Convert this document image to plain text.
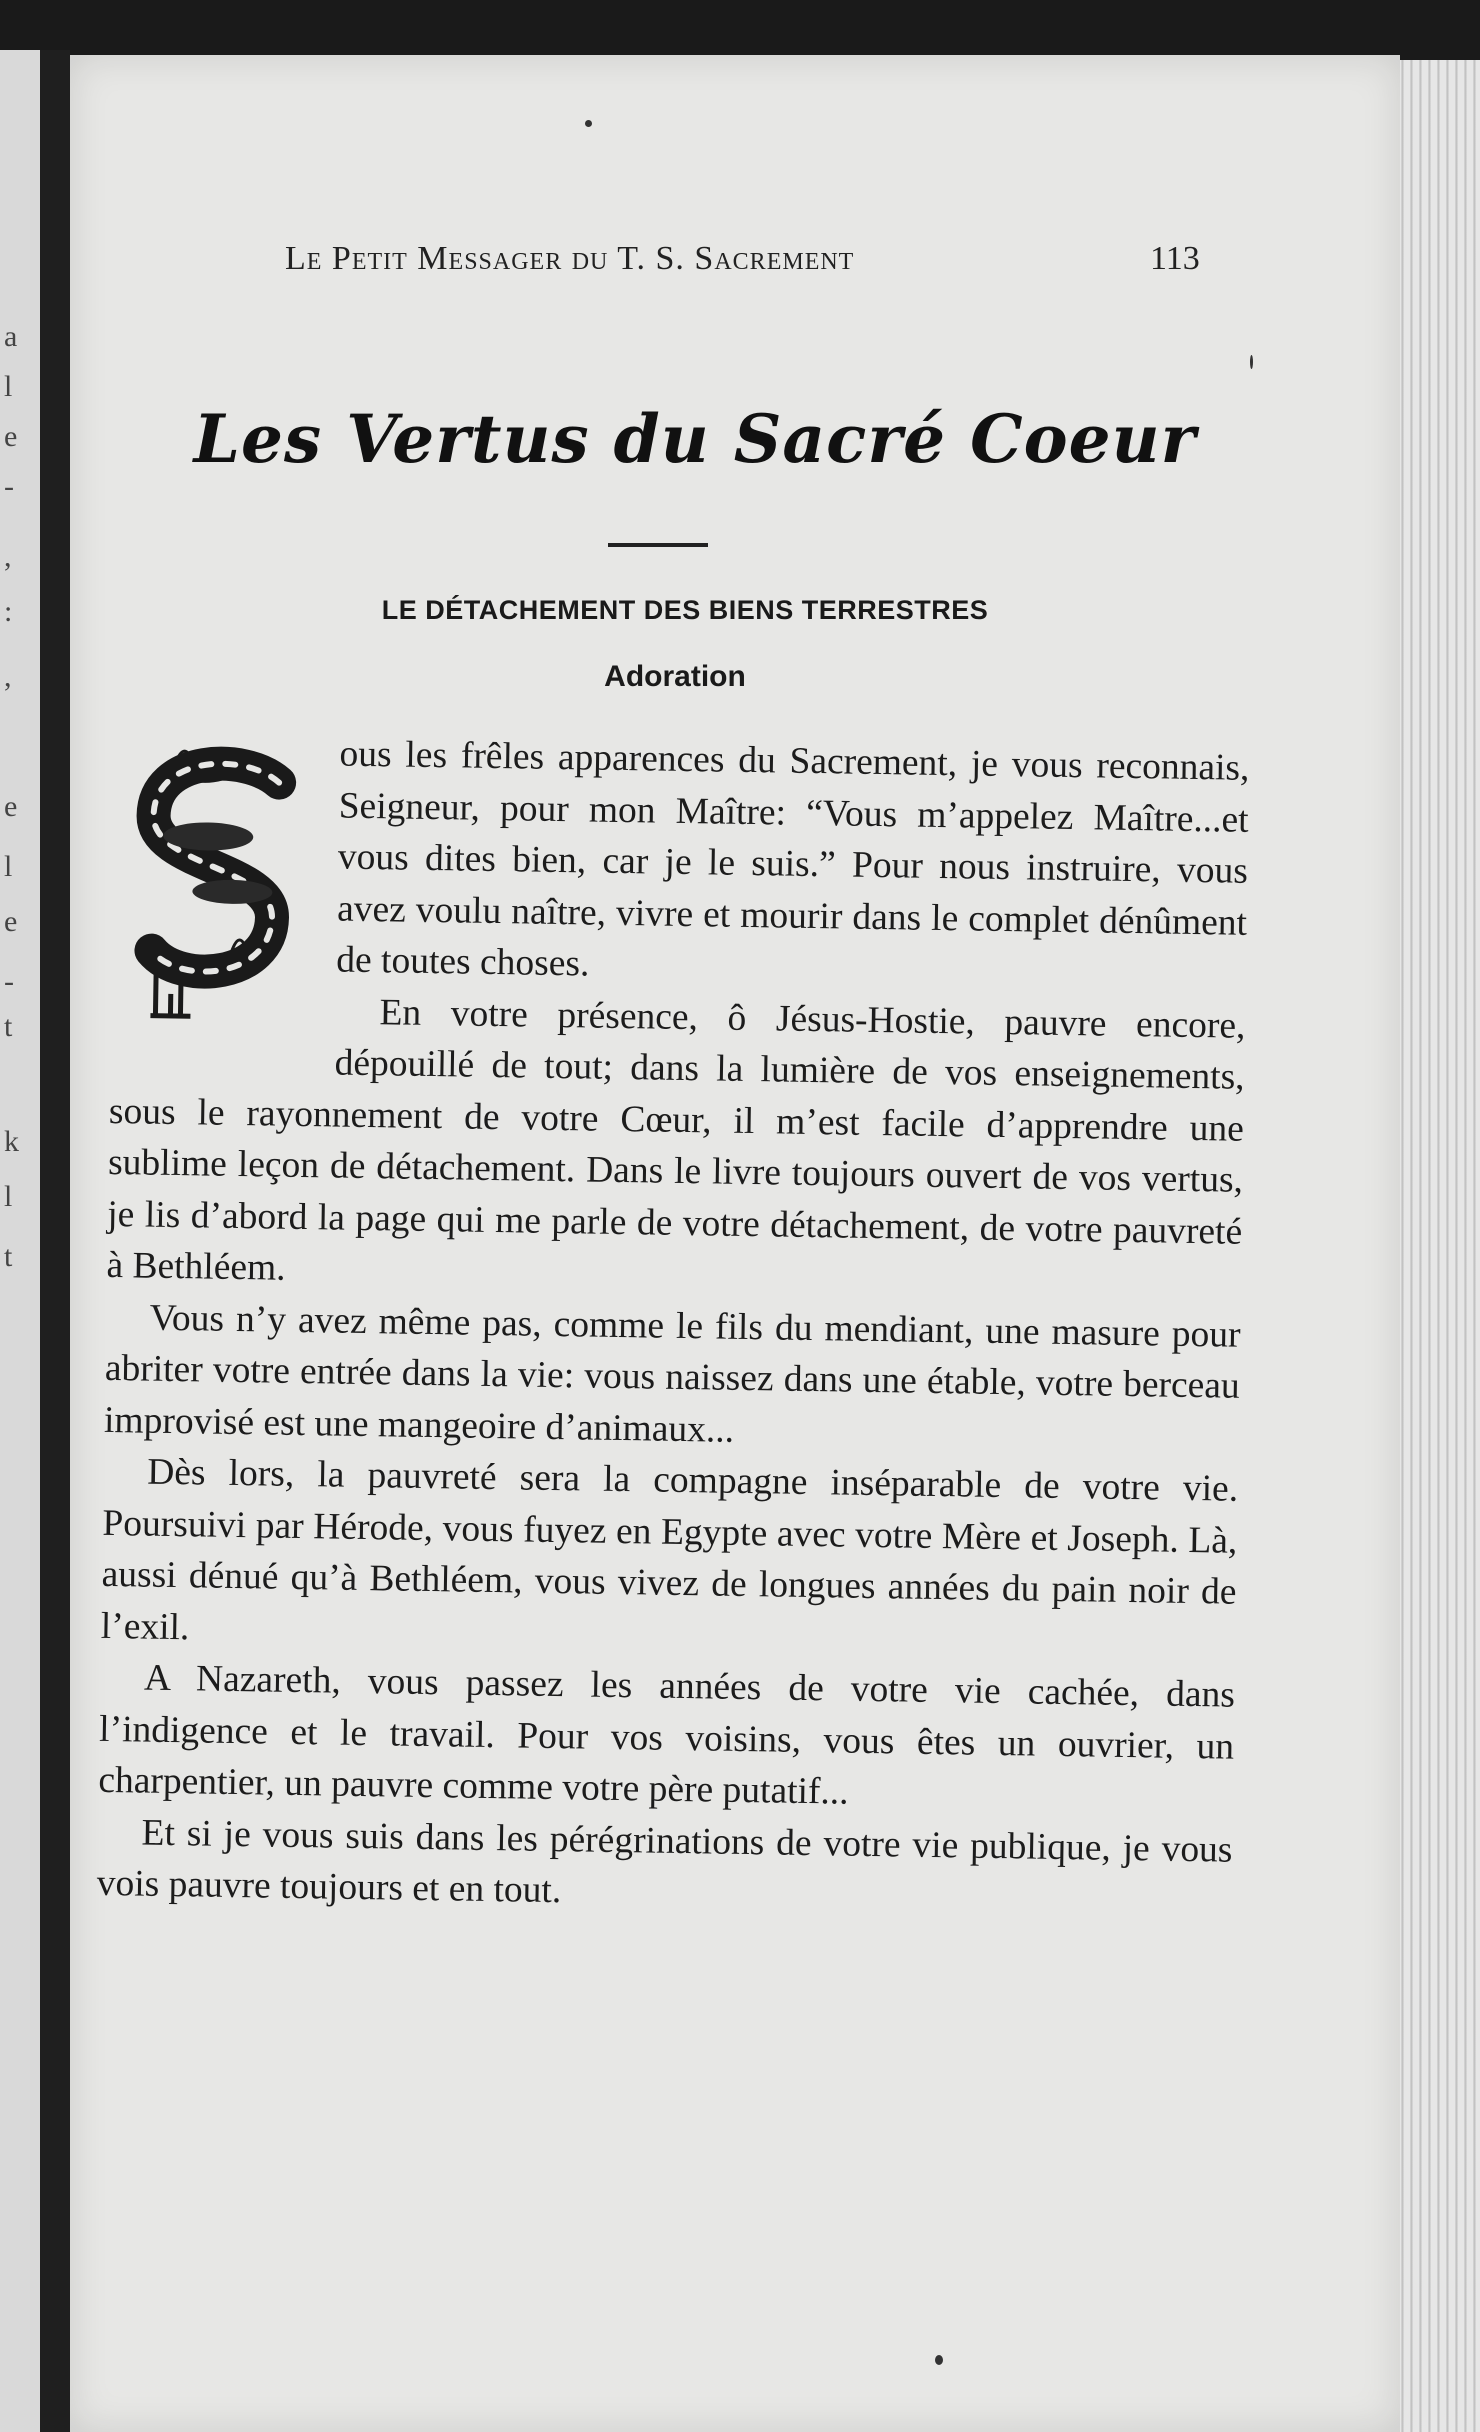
a
l
e
-
,
:
,
e
l
e
-
t
k
l
t
Le Petit Messager du T. S. Sacrement	113
Les Vertus du Sacré Coeur
LE DÉTACHEMENT DES BIENS TERRESTRES
Adoration
S

ous les frêles apparences du Sacrement, je vous reconnais, Seigneur, pour mon Maître: “Vous m’appelez Maître...et vous dites bien, car je le suis.” Pour nous instruire, vous avez voulu naître, vivre et mourir dans le complet dénûment de toutes choses.

En votre présence, ô Jésus-Hostie, pauvre encore, dépouillé de tout; dans la lumière de vos enseignements, sous le rayonnement de votre Cœur, il m’est facile d’apprendre une sublime leçon de détachement. Dans le livre toujours ouvert de vos vertus, je lis d’abord la page qui me parle de votre détachement, de votre pauvreté à Bethléem.

Vous n’y avez même pas, comme le fils du mendiant, une masure pour abriter votre entrée dans la vie: vous naissez dans une étable, votre berceau improvisé est une mangeoire d’animaux...

Dès lors, la pauvreté sera la compagne inséparable de votre vie. Poursuivi par Hérode, vous fuyez en Egypte avec votre Mère et Joseph. Là, aussi dénué qu’à Bethléem, vous vivez de longues années du pain noir de l’exil.

A Nazareth, vous passez les années de votre vie cachée, dans l’indigence et le travail. Pour vos voisins, vous êtes un ouvrier, un charpentier, un pauvre comme votre père putatif...

Et si je vous suis dans les pérégrinations de votre vie publique, je vous vois pauvre toujours et en tout.
